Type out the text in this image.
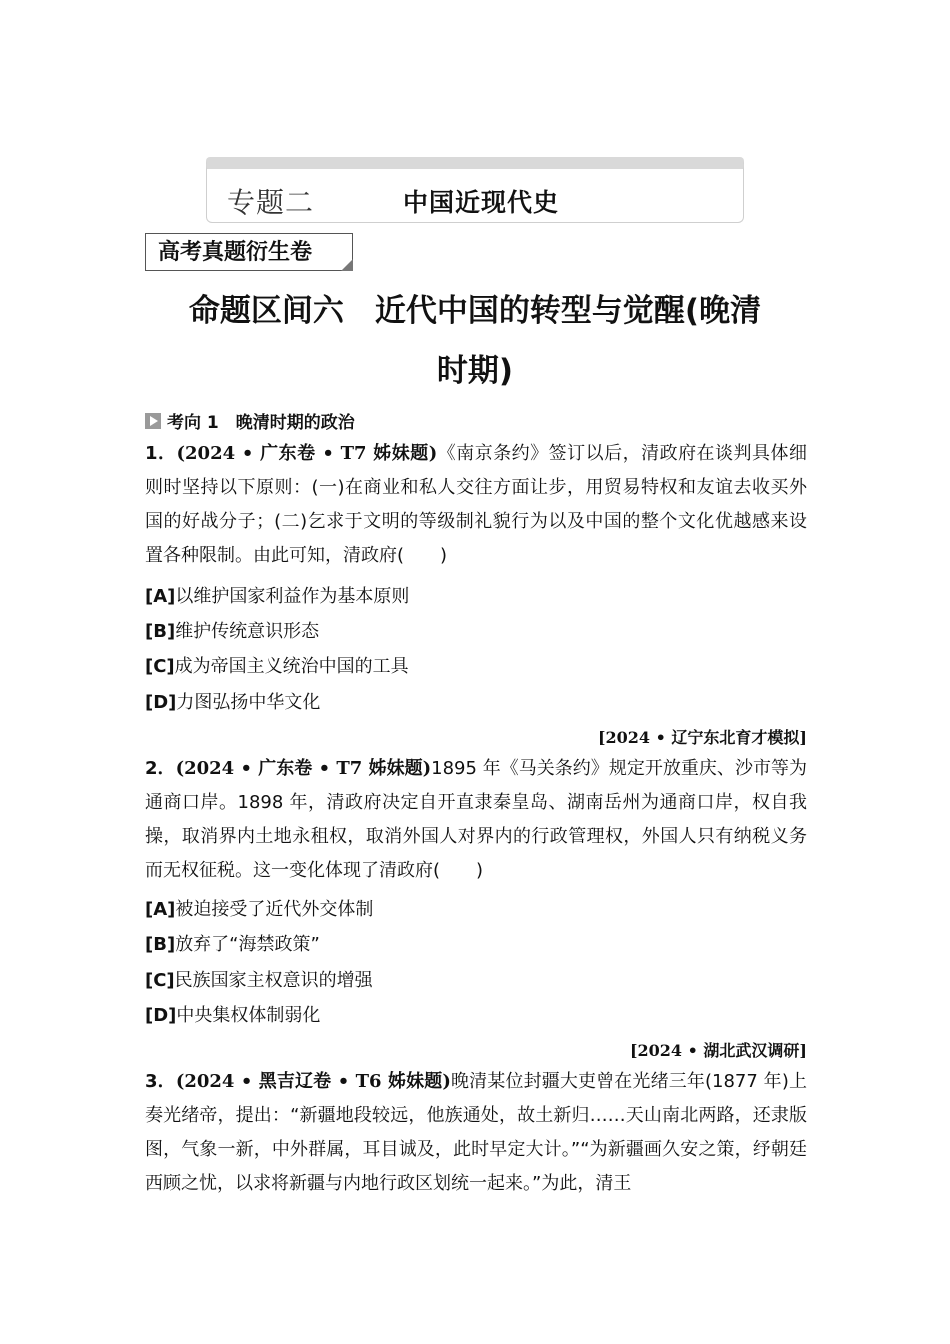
专题二	中国近现代史
高考真题衍生卷
命题区间六　近代中国的转型与觉醒(晚清
时期)
考向 1　晚清时期的政治
1．(2024 • 广东卷 • T7 姊妹题)《南京条约》签订以后，清政府在谈判具体细则时坚持以下原则：(一)在商业和私人交往方面让步，用贸易特权和友谊去收买外国的好战分子；(二)乞求于文明的等级制礼貌行为以及中国的整个文化优越感来设置各种限制。由此可知，清政府(　　)
[A]以维护国家利益作为基本原则
[B]维护传统意识形态
[C]成为帝国主义统治中国的工具
[D]力图弘扬中华文化
[2024 • 辽宁东北育才模拟]
2．(2024 • 广东卷 • T7 姊妹题)1895 年《马关条约》规定开放重庆、沙市等为通商口岸。1898 年，清政府决定自开直隶秦皇岛、湖南岳州为通商口岸，权自我操，取消界内土地永租权，取消外国人对界内的行政管理权，外国人只有纳税义务而无权征税。这一变化体现了清政府(　　)
[A]被迫接受了近代外交体制
[B]放弃了“海禁政策”
[C]民族国家主权意识的增强
[D]中央集权体制弱化
[2024 • 湖北武汉调研]
3．(2024 • 黑吉辽卷 • T6 姊妹题)晚清某位封疆大吏曾在光绪三年(1877 年)上奏光绪帝，提出：“新疆地段较远，他族通处，故土新归……天山南北两路，还隶版图，气象一新，中外群属，耳目诚及，此时早定大计。”“为新疆画久安之策，纾朝廷西顾之忧，以求将新疆与内地行政区划统一起来。”为此，清王
